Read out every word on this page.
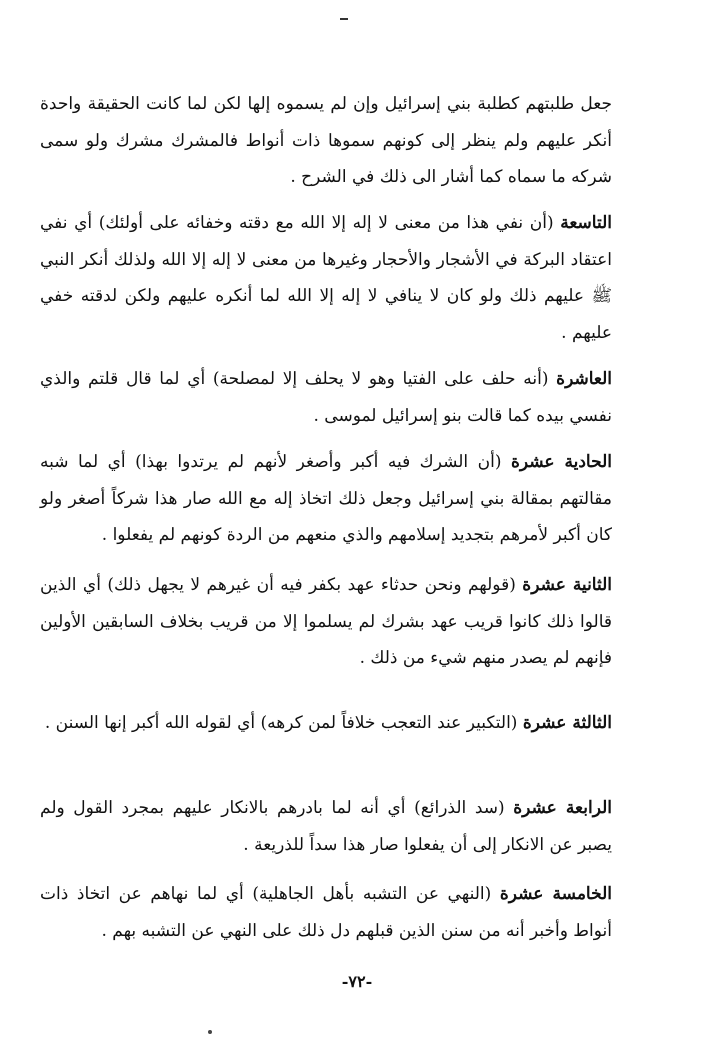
جعل طلبتهم كطلبة بني إسرائيل وإن لم يسموه إلها لكن لما كانت الحقيقة واحدة أنكر عليهم ولم ينظر إلى كونهم سموها ذات أنواط فالمشرك مشرك ولو سمى شركه ما سماه كما أشار الى ذلك في الشرح .

التاسعة (أن نفي هذا من معنى لا إله إلا الله مع دقته وخفائه على أولئك) أي نفي اعتقاد البركة في الأشجار والأحجار وغيرها من معنى لا إله إلا الله ولذلك أنكر النبي ﷺ عليهم ذلك ولو كان لا ينافي لا إله إلا الله لما أنكره عليهم ولكن لدقته خفي عليهم .

العاشرة (أنه حلف على الفتيا وهو لا يحلف إلا لمصلحة) أي لما قال قلتم والذي نفسي بيده كما قالت بنو إسرائيل لموسى .

الحادية عشرة (أن الشرك فيه أكبر وأصغر لأنهم لم يرتدوا بهذا) أي لما شبه مقالتهم بمقالة بني إسرائيل وجعل ذلك اتخاذ إله مع الله صار هذا شركاً أصغر ولو كان أكبر لأمرهم بتجديد إسلامهم والذي منعهم من الردة كونهم لم يفعلوا .

الثانية عشرة (قولهم ونحن حدثاء عهد بكفر فيه أن غيرهم لا يجهل ذلك) أي الذين قالوا ذلك كانوا قريب عهد بشرك لم يسلموا إلا من قريب بخلاف السابقين الأولين فإنهم لم يصدر منهم شيء من ذلك .

الثالثة عشرة (التكبير عند التعجب خلافاً لمن كرهه) أي لقوله الله أكبر إنها السنن .

الرابعة عشرة (سد الذرائع) أي أنه لما بادرهم بالانكار عليهم بمجرد القول ولم يصبر عن الانكار إلى أن يفعلوا صار هذا سداً للذريعة .

الخامسة عشرة (النهي عن التشبه بأهل الجاهلية) أي لما نهاهم عن اتخاذ ذات أنواط وأخبر أنه من سنن الذين قبلهم دل ذلك على النهي عن التشبه بهم .

-٧٢-
